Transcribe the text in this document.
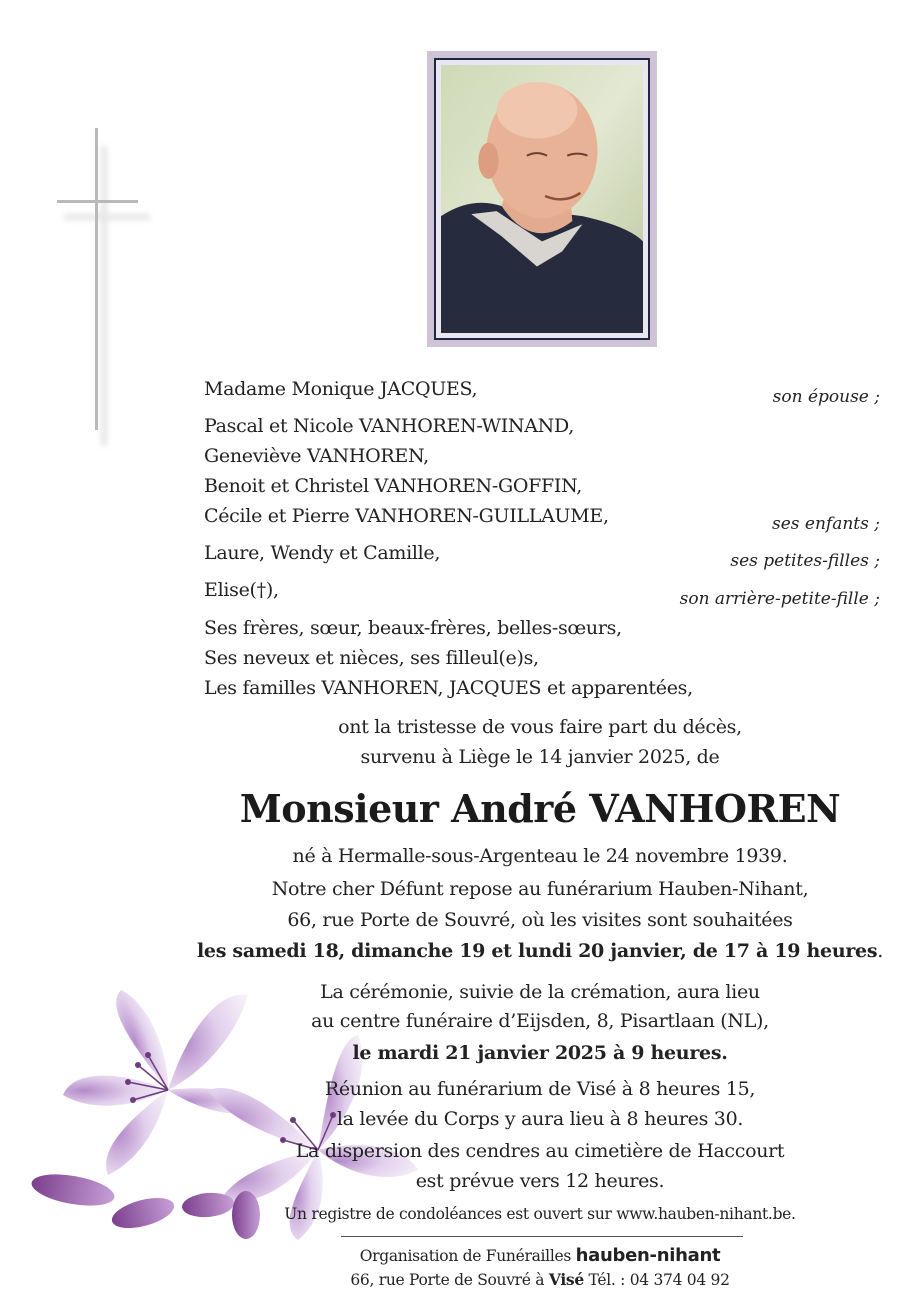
Madame Monique JACQUES,
Pascal et Nicole VANHOREN-WINAND,
Geneviève VANHOREN,
Benoit et Christel VANHOREN-GOFFIN,
Cécile et Pierre VANHOREN-GUILLAUME,
Laure, Wendy et Camille,
Elise(†),
Ses frères, sœur, beaux-frères, belles-sœurs,
Ses neveux et nièces, ses filleul(e)s,
Les familles VANHOREN, JACQUES et apparentées,
son épouse ;
ses enfants ;
ses petites-filles ;
son arrière-petite-fille ;
ont la tristesse de vous faire part du décès,
survenu à Liège le 14 janvier 2025, de
Monsieur André VANHOREN
né à Hermalle-sous-Argenteau le 24 novembre 1939.
Notre cher Défunt repose au funérarium Hauben-Nihant,
66, rue Porte de Souvré, où les visites sont souhaitées
les samedi 18, dimanche 19 et lundi 20 janvier, de 17 à 19 heures.
La cérémonie, suivie de la crémation, aura lieu
au centre funéraire d’Eijsden, 8, Pisartlaan (NL),
le mardi 21 janvier 2025 à 9 heures.
Réunion au funérarium de Visé à 8 heures 15,
la levée du Corps y aura lieu à 8 heures 30.
La dispersion des cendres au cimetière de Haccourt
est prévue vers 12 heures.
Un registre de condoléances est ouvert sur www.hauben-nihant.be.
Organisation de Funérailles hauben-nihant
66, rue Porte de Souvré à Visé Tél. : 04 374 04 92
